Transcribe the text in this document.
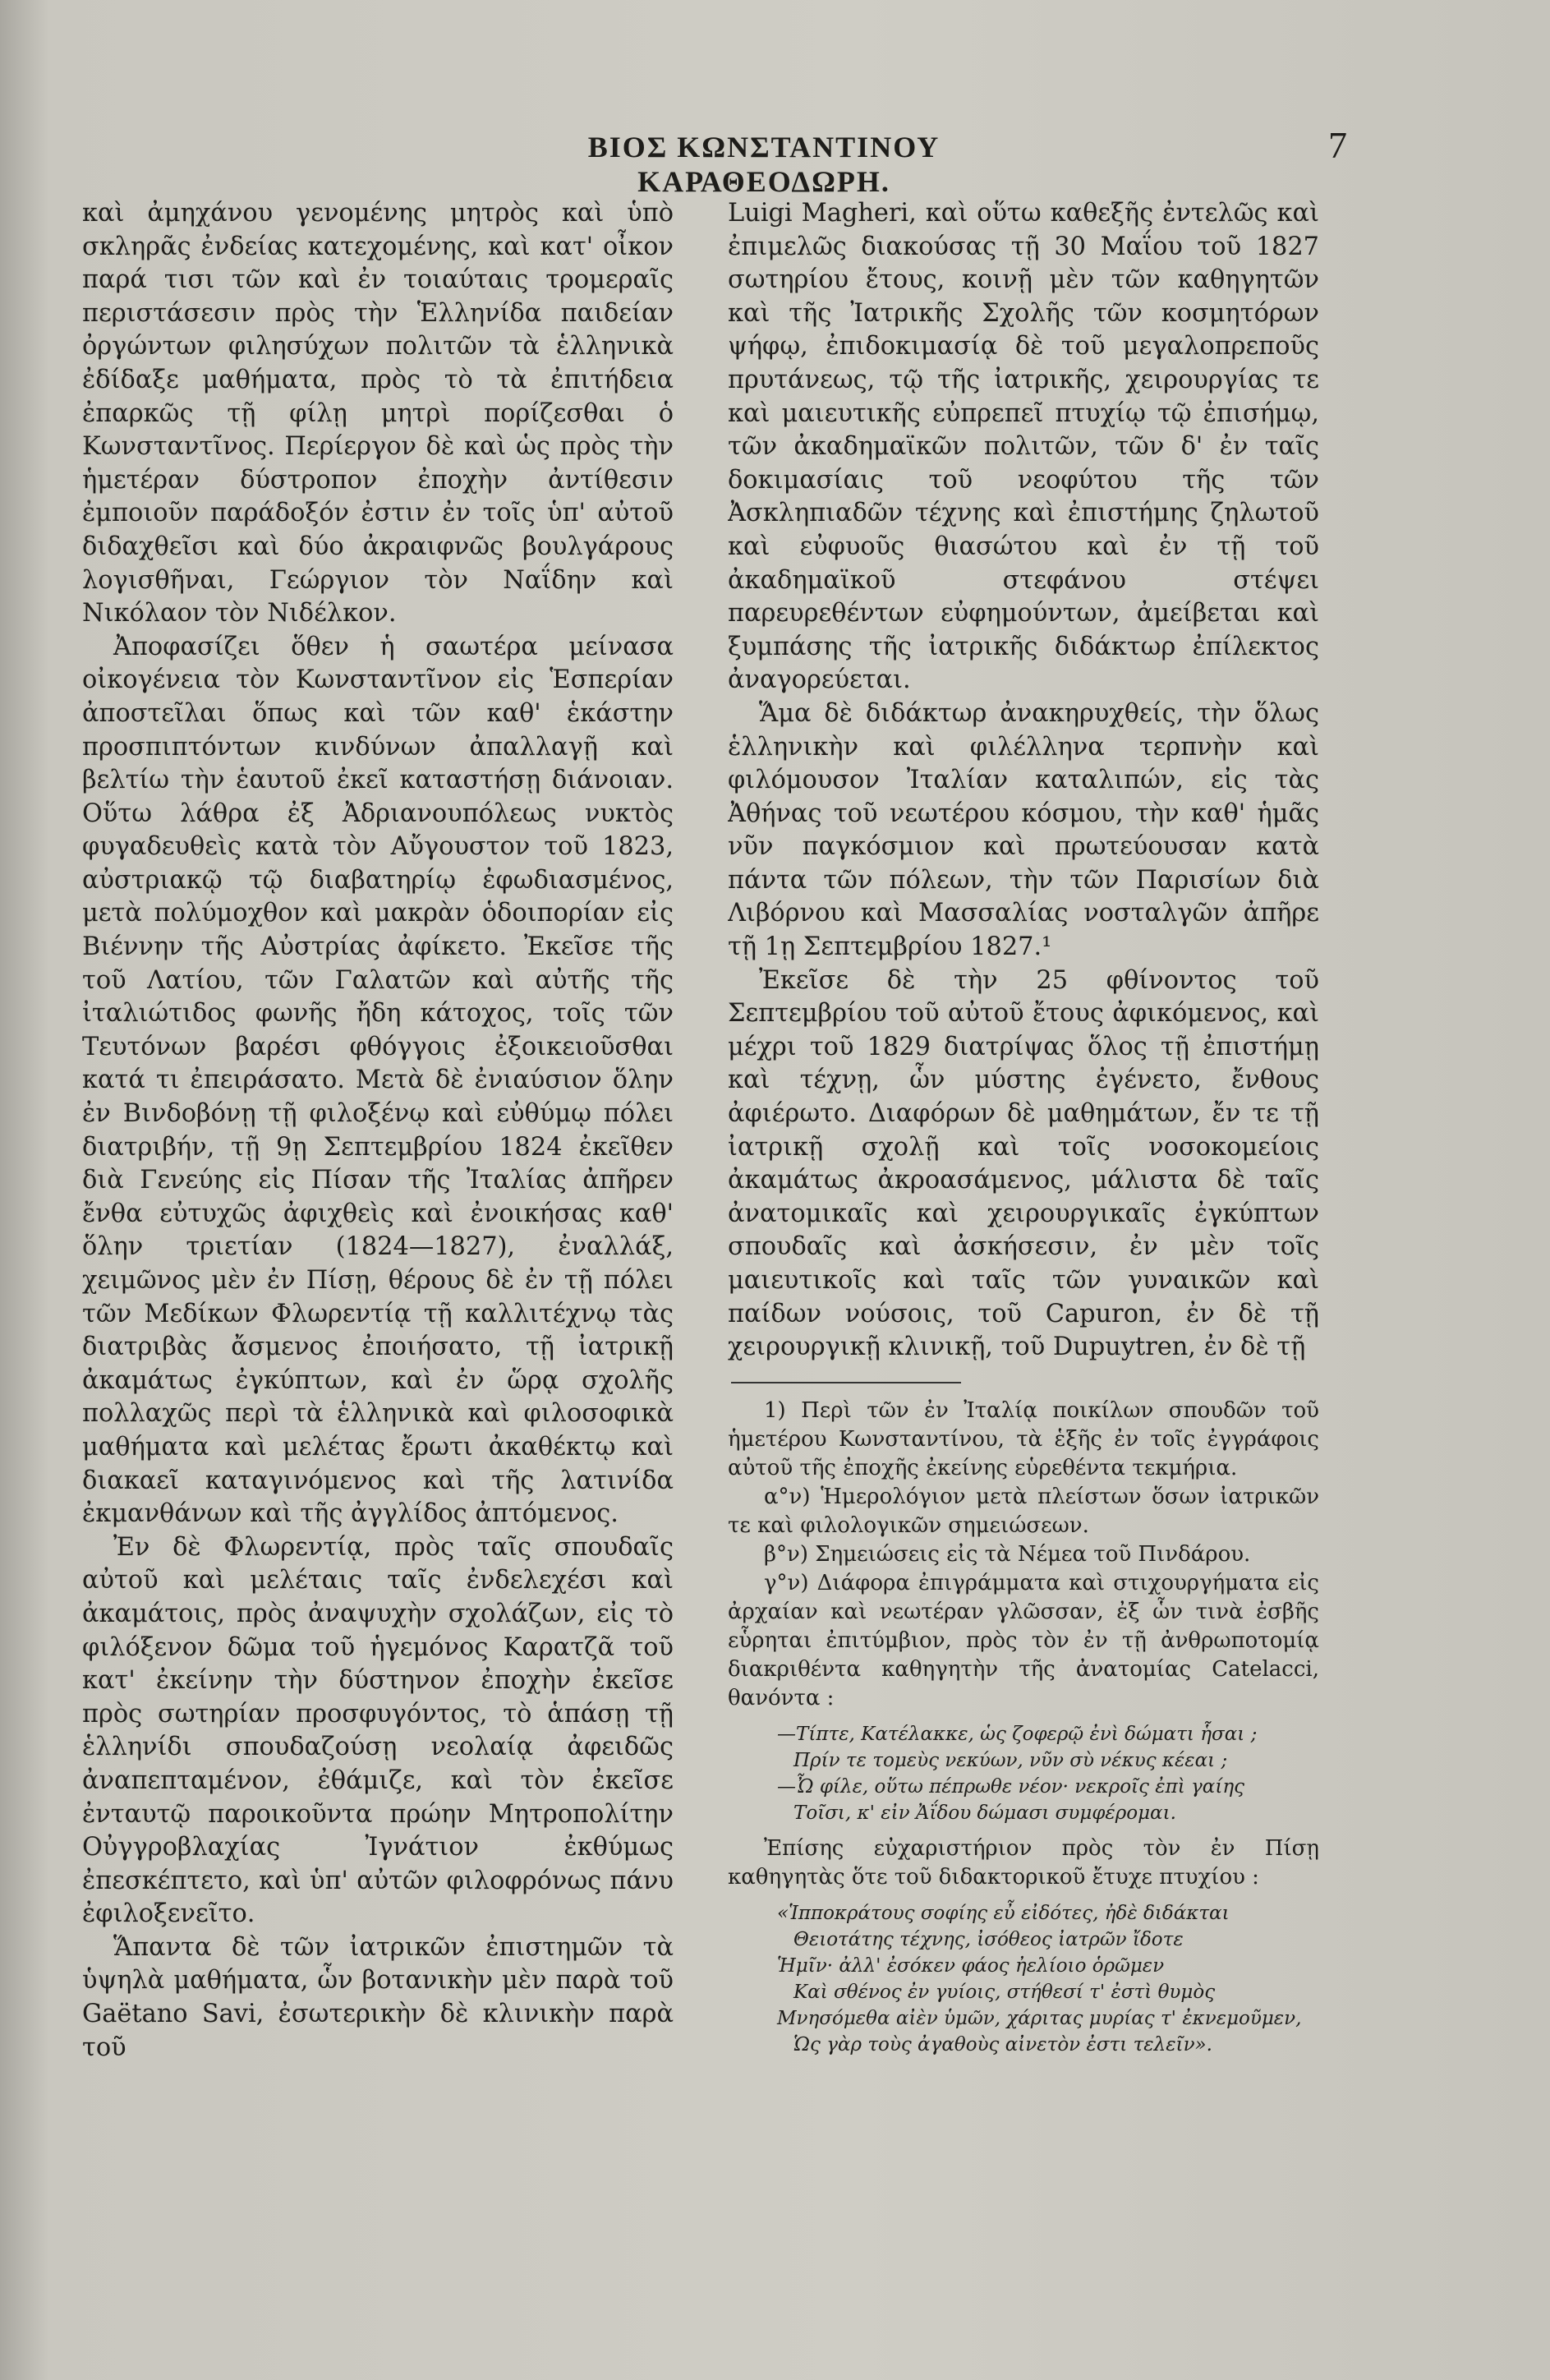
ΒΙΟΣ ΚΩΝΣΤΑΝΤΙΝΟΥ ΚΑΡΑΘΕΟΔΩΡΗ.
7

καὶ ἀμηχάνου γενομένης μητρὸς καὶ ὑπὸ σκληρᾶς ἐνδείας κατεχομένης, καὶ κατ' οἶκον παρά τισι τῶν καὶ ἐν τοιαύταις τρομεραῖς περιστάσεσιν πρὸς τὴν Ἑλληνίδα παιδείαν ὀργώντων φιλησύχων πολιτῶν τὰ ἑλληνικὰ ἐδίδαξε μαθήματα, πρὸς τὸ τὰ ἐπιτήδεια ἐπαρκῶς τῇ φίλῃ μητρὶ πορίζεσθαι ὁ Κωνσταντῖνος. Περίεργον δὲ καὶ ὡς πρὸς τὴν ἡμετέραν δύστροπον ἐποχὴν ἀντίθεσιν ἐμποιοῦν παράδοξόν ἐστιν ἐν τοῖς ὑπ' αὐτοῦ διδαχθεῖσι καὶ δύο ἀκραιφνῶς βουλγάρους λογισθῆναι, Γεώργιον τὸν Ναΐδην καὶ Νικόλαον τὸν Νιδέλκον.

Ἀποφασίζει ὅθεν ἡ σαωτέρα μείνασα οἰκογένεια τὸν Κωνσταντῖνον εἰς Ἑσπερίαν ἀποστεῖλαι ὅπως καὶ τῶν καθ' ἑκάστην προσπιπτόντων κινδύνων ἀπαλλαγῇ καὶ βελτίω τὴν ἑαυτοῦ ἐκεῖ καταστήσῃ διάνοιαν. Οὕτω λάθρα ἐξ Ἀδριανουπόλεως νυκτὸς φυγαδευθεὶς κατὰ τὸν Αὔγουστον τοῦ 1823, αὐστριακῷ τῷ διαβατηρίῳ ἐφωδιασμένος, μετὰ πολύμοχθον καὶ μακρὰν ὁδοιπορίαν εἰς Βιέννην τῆς Αὐστρίας ἀφίκετο. Ἐκεῖσε τῆς τοῦ Λατίου, τῶν Γαλατῶν καὶ αὐτῆς τῆς ἰταλιώτιδος φωνῆς ἤδη κάτοχος, τοῖς τῶν Τευτόνων βαρέσι φθόγγοις ἐξοικειοῦσθαι κατά τι ἐπειράσατο. Μετὰ δὲ ἐνιαύσιον ὅλην ἐν Βινδοβόνῃ τῇ φιλοξένῳ καὶ εὐθύμῳ πόλει διατριβήν, τῇ 9ῃ Σεπτεμβρίου 1824 ἐκεῖθεν διὰ Γενεύης εἰς Πίσαν τῆς Ἰταλίας ἀπῆρεν ἔνθα εὐτυχῶς ἀφιχθεὶς καὶ ἐνοικήσας καθ' ὅλην τριετίαν (1824—1827), ἐναλλάξ, χειμῶνος μὲν ἐν Πίσῃ, θέρους δὲ ἐν τῇ πόλει τῶν Μεδίκων Φλωρεντίᾳ τῇ καλλιτέχνῳ τὰς διατριβὰς ἄσμενος ἐποιήσατο, τῇ ἰατρικῇ ἀκαμάτως ἐγκύπτων, καὶ ἐν ὥρᾳ σχολῆς πολλαχῶς περὶ τὰ ἑλληνικὰ καὶ φιλοσοφικὰ μαθήματα καὶ μελέτας ἔρωτι ἀκαθέκτῳ καὶ διακαεῖ καταγινόμενος καὶ τῆς λατινίδα ἐκμανθάνων καὶ τῆς ἀγγλίδος ἀπτόμενος.

Ἐν δὲ Φλωρεντίᾳ, πρὸς ταῖς σπουδαῖς αὐτοῦ καὶ μελέταις ταῖς ἐνδελεχέσι καὶ ἀκαμάτοις, πρὸς ἀναψυχὴν σχολάζων, εἰς τὸ φιλόξενον δῶμα τοῦ ἡγεμόνος Καρατζᾶ τοῦ κατ' ἐκείνην τὴν δύστηνον ἐποχὴν ἐκεῖσε πρὸς σωτηρίαν προσφυγόντος, τὸ ἁπάσῃ τῇ ἑλληνίδι σπουδαζούσῃ νεολαίᾳ ἀφειδῶς ἀναπεπταμένον, ἐθάμιζε, καὶ τὸν ἐκεῖσε ἐνταυτῷ παροικοῦντα πρώην Μητροπολίτην Οὐγγροβλαχίας Ἰγνάτιον ἐκθύμως ἐπεσκέπτετο, καὶ ὑπ' αὐτῶν φιλοφρόνως πάνυ ἐφιλοξενεῖτο.

Ἅπαντα δὲ τῶν ἰατρικῶν ἐπιστημῶν τὰ ὑψηλὰ μαθήματα, ὧν βοτανικὴν μὲν παρὰ τοῦ Gaëtano Savi, ἐσωτερικὴν δὲ κλινικὴν παρὰ τοῦ

Luigi Magheri, καὶ οὕτω καθεξῆς ἐντελῶς καὶ ἐπιμελῶς διακούσας τῇ 30 Μαΐου τοῦ 1827 σωτηρίου ἔτους, κοινῇ μὲν τῶν καθηγητῶν καὶ τῆς Ἰατρικῆς Σχολῆς τῶν κοσμητόρων ψήφῳ, ἐπιδοκιμασίᾳ δὲ τοῦ μεγαλοπρεποῦς πρυτάνεως, τῷ τῆς ἰατρικῆς, χειρουργίας τε καὶ μαιευτικῆς εὐπρεπεῖ πτυχίῳ τῷ ἐπισήμῳ, τῶν ἀκαδημαϊκῶν πολιτῶν, τῶν δ' ἐν ταῖς δοκιμασίαις τοῦ νεοφύτου τῆς τῶν Ἀσκληπιαδῶν τέχνης καὶ ἐπιστήμης ζηλωτοῦ καὶ εὐφυοῦς θιασώτου καὶ ἐν τῇ τοῦ ἀκαδημαϊκοῦ στεφάνου στέψει παρευρεθέντων εὐφημούντων, ἀμείβεται καὶ ξυμπάσης τῆς ἰατρικῆς διδάκτωρ ἐπίλεκτος ἀναγορεύεται.

Ἅμα δὲ διδάκτωρ ἀνακηρυχθείς, τὴν ὅλως ἑλληνικὴν καὶ φιλέλληνα τερπνὴν καὶ φιλόμουσον Ἰταλίαν καταλιπών, εἰς τὰς Ἀθήνας τοῦ νεωτέρου κόσμου, τὴν καθ' ἡμᾶς νῦν παγκόσμιον καὶ πρωτεύουσαν κατὰ πάντα τῶν πόλεων, τὴν τῶν Παρισίων διὰ Λιβόρνου καὶ Μασσαλίας νοσταλγῶν ἀπῆρε τῇ 1ῃ Σεπτεμβρίου 1827.¹

Ἐκεῖσε δὲ τὴν 25 φθίνοντος τοῦ Σεπτεμβρίου τοῦ αὐτοῦ ἔτους ἀφικόμενος, καὶ μέχρι τοῦ 1829 διατρίψας ὅλος τῇ ἐπιστήμῃ καὶ τέχνῃ, ὧν μύστης ἐγένετο, ἔνθους ἀφιέρωτο. Διαφόρων δὲ μαθημάτων, ἔν τε τῇ ἰατρικῇ σχολῇ καὶ τοῖς νοσοκομείοις ἀκαμάτως ἀκροασάμενος, μάλιστα δὲ ταῖς ἀνατομικαῖς καὶ χειρουργικαῖς ἐγκύπτων σπουδαῖς καὶ ἀσκήσεσιν, ἐν μὲν τοῖς μαιευτικοῖς καὶ ταῖς τῶν γυναικῶν καὶ παίδων νούσοις, τοῦ Capuron, ἐν δὲ τῇ χειρουργικῇ κλινικῇ, τοῦ Dupuytren, ἐν δὲ τῇ

1) Περὶ τῶν ἐν Ἰταλίᾳ ποικίλων σπουδῶν τοῦ ἡμετέρου Κωνσταντίνου, τὰ ἑξῆς ἐν τοῖς ἐγγράφοις αὐτοῦ τῆς ἐποχῆς ἐκείνης εὑρεθέντα τεκμήρια.

α°ν) Ἡμερολόγιον μετὰ πλείστων ὅσων ἰατρικῶν τε καὶ φιλολογικῶν σημειώσεων.

β°ν) Σημειώσεις εἰς τὰ Νέμεα τοῦ Πινδάρου.

γ°ν) Διάφορα ἐπιγράμματα καὶ στιχουργήματα εἰς ἀρχαίαν καὶ νεωτέραν γλῶσσαν, ἐξ ὧν τινὰ ἐσβῆς εὗρηται ἐπιτύμβιον, πρὸς τὸν ἐν τῇ ἀνθρωποτομίᾳ διακριθέντα καθηγητὴν τῆς ἀνατομίας Catelacci, θανόντα :

—Τίπτε, Κατέλακκε, ὡς ζοφερῷ ἐνὶ δώματι ἧσαι ;

Πρίν τε τομεὺς νεκύων, νῦν σὺ νέκυς κέεαι ;

—Ὦ φίλε, οὕτω πέπρωθε νέον· νεκροῖς ἐπὶ γαίης

Τοῖσι, κ' εἰν Ἀΐδου δώμασι συμφέρομαι.

Ἐπίσης εὐχαριστήριον πρὸς τὸν ἐν Πίσῃ καθηγητὰς ὅτε τοῦ διδακτορικοῦ ἔτυχε πτυχίου :

«Ἱπποκράτους σοφίης εὖ εἰδότες, ἠδὲ διδάκται

Θειοτάτης τέχνης, ἰσόθεος ἰατρῶν ἴδοτε

Ἡμῖν· ἀλλ' ἐσόκεν φάος ἠελίοιο ὁρῶμεν

Καὶ σθένος ἐν γυίοις, στήθεσί τ' ἐστὶ θυμὸς

Μνησόμεθα αἰὲν ὑμῶν, χάριτας μυρίας τ' ἐκνεμοῦμεν,

Ὡς γὰρ τοὺς ἀγαθοὺς αἰνετὸν ἐστι τελεῖν».
